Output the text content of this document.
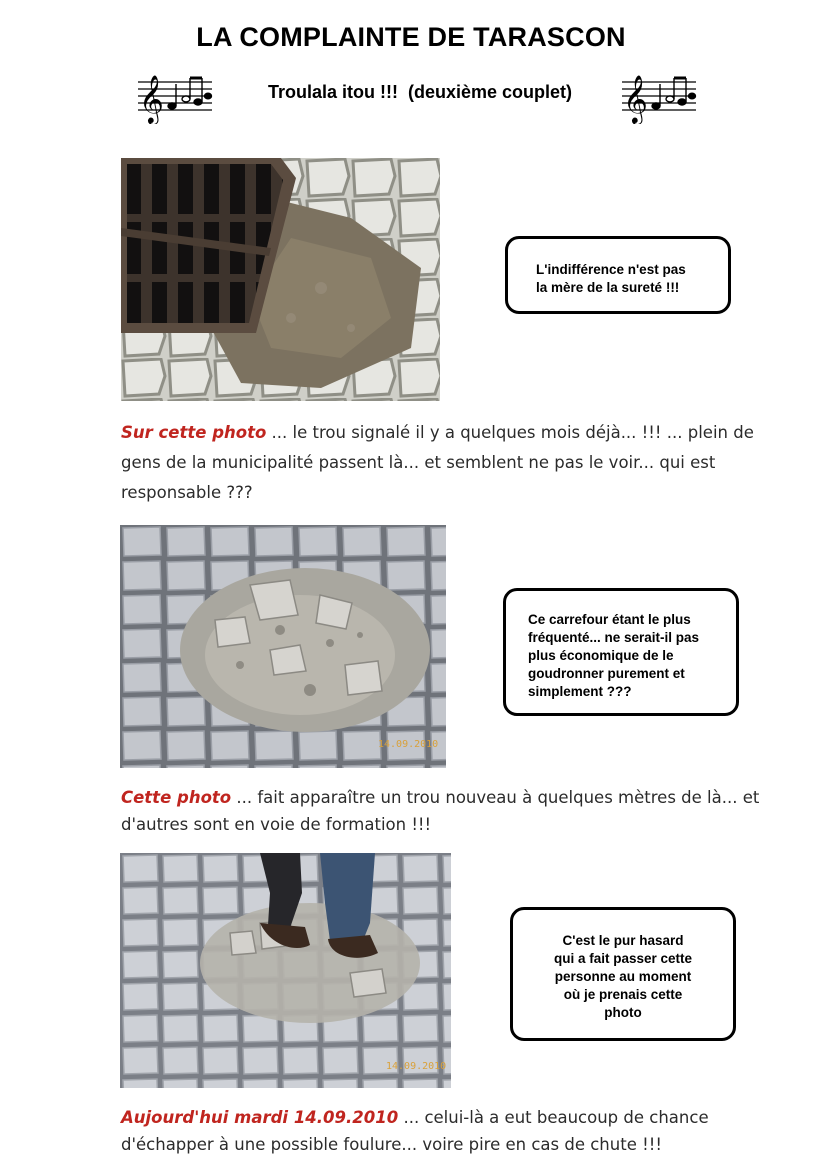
LA COMPLAINTE DE TARASCON
𝄞	Troulala itou !!!  (deuxième couplet)	𝄞
L'indifférence n'est pas
la mère de la sureté !!!
Sur cette photo ... le trou signalé il y a quelques mois déjà... !!! ... plein de gens de la municipalité passent là... et semblent ne pas le voir... qui est responsable ???
14.09.2010
Ce carrefour étant le plus
fréquenté... ne serait-il pas
plus économique de le
goudronner purement et
simplement ???
Cette photo ... fait apparaître un trou nouveau à quelques mètres de là... et d'autres sont en voie de formation !!!
14.09.2010
C'est le pur hasard
qui a fait passer cette
personne au moment
où je prenais cette
photo
Aujourd'hui mardi 14.09.2010 ... celui-là a eut beaucoup de chance d'échapper à une possible foulure... voire pire en cas de chute !!!
